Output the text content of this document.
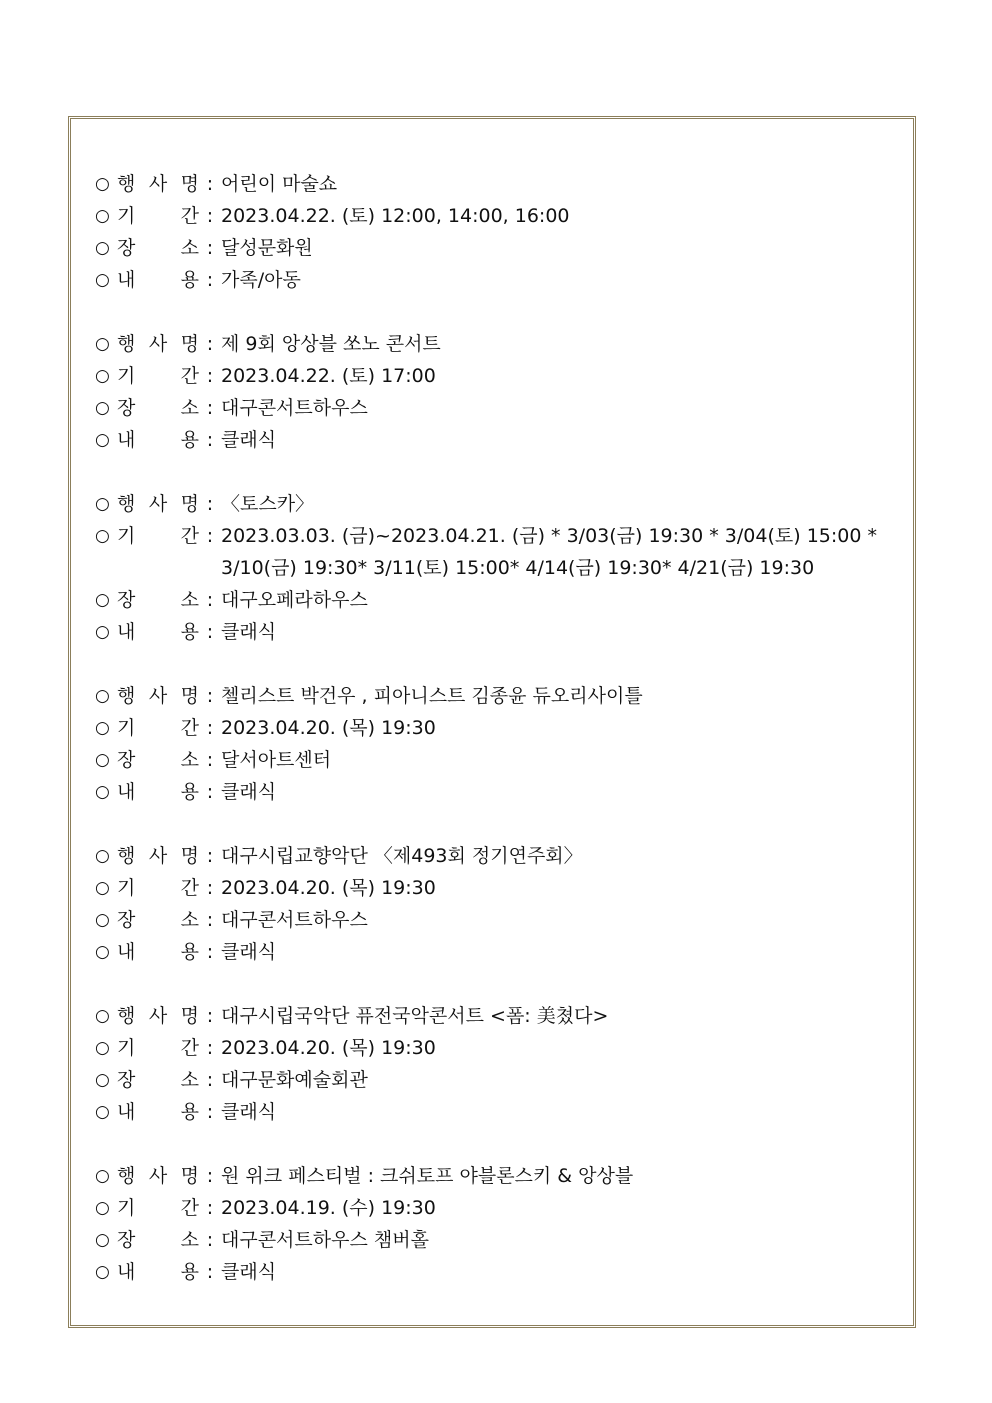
○ 행 사 명 : 어린이 마술쇼
○ 기 간 : 2023.04.22. (토) 12:00, 14:00, 16:00
○ 장 소 : 달성문화원
○ 내 용 : 가족/아동
○ 행 사 명 : 제 9회 앙상블 쏘노 콘서트
○ 기 간 : 2023.04.22. (토) 17:00
○ 장 소 : 대구콘서트하우스
○ 내 용 : 클래식
○ 행 사 명 : 〈토스카〉
○ 기 간 : 2023.03.03. (금)~2023.04.21. (금) * 3/03(금) 19:30 * 3/04(토) 15:00 * 3/10(금) 19:30* 3/11(토) 15:00* 4/14(금) 19:30* 4/21(금) 19:30
○ 장 소 : 대구오페라하우스
○ 내 용 : 클래식
○ 행 사 명 : 첼리스트 박건우 , 피아니스트 김종윤 듀오리사이틀
○ 기 간 : 2023.04.20. (목) 19:30
○ 장 소 : 달서아트센터
○ 내 용 : 클래식
○ 행 사 명 : 대구시립교향악단 〈제493회 정기연주회〉
○ 기 간 : 2023.04.20. (목) 19:30
○ 장 소 : 대구콘서트하우스
○ 내 용 : 클래식
○ 행 사 명 : 대구시립국악단 퓨전국악콘서트 <폼: 美쳤다>
○ 기 간 : 2023.04.20. (목) 19:30
○ 장 소 : 대구문화예술회관
○ 내 용 : 클래식
○ 행 사 명 : 원 위크 페스티벌 : 크쉬토프 야블론스키 & 앙상블
○ 기 간 : 2023.04.19. (수) 19:30
○ 장 소 : 대구콘서트하우스 챔버홀
○ 내 용 : 클래식
